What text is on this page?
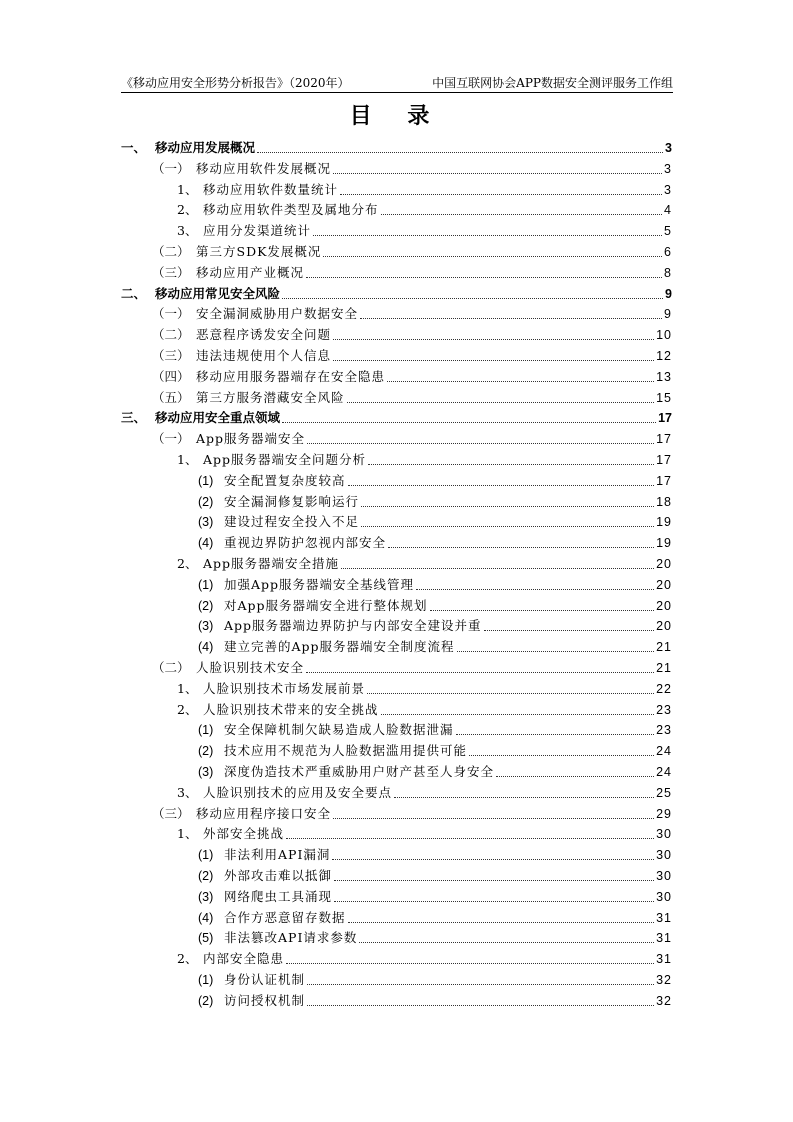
《移动应用安全形势分析报告》（2020年）	中国互联网协会APP数据安全测评服务工作组
目 录
一、 移动应用发展概况	3
（一） 移动应用软件发展概况	3
1、 移动应用软件数量统计	3
2、 移动应用软件类型及属地分布	4
3、 应用分发渠道统计	5
（二） 第三方SDK发展概况	6
（三） 移动应用产业概况	8
二、 移动应用常见安全风险	9
（一） 安全漏洞威胁用户数据安全	9
（二） 恶意程序诱发安全问题	10
（三） 违法违规使用个人信息	12
（四） 移动应用服务器端存在安全隐患	13
（五） 第三方服务潜藏安全风险	15
三、 移动应用安全重点领域	17
（一） App服务器端安全	17
1、 App服务器端安全问题分析	17
(1) 安全配置复杂度较高	17
(2) 安全漏洞修复影响运行	18
(3) 建设过程安全投入不足	19
(4) 重视边界防护忽视内部安全	19
2、 App服务器端安全措施	20
(1) 加强App服务器端安全基线管理	20
(2) 对App服务器端安全进行整体规划	20
(3) App服务器端边界防护与内部安全建设并重	20
(4) 建立完善的App服务器端安全制度流程	21
（二） 人脸识别技术安全	21
1、 人脸识别技术市场发展前景	22
2、 人脸识别技术带来的安全挑战	23
(1) 安全保障机制欠缺易造成人脸数据泄漏	23
(2) 技术应用不规范为人脸数据滥用提供可能	24
(3) 深度伪造技术严重威胁用户财产甚至人身安全	24
3、 人脸识别技术的应用及安全要点	25
（三） 移动应用程序接口安全	29
1、 外部安全挑战	30
(1) 非法利用API漏洞	30
(2) 外部攻击难以抵御	30
(3) 网络爬虫工具涌现	30
(4) 合作方恶意留存数据	31
(5) 非法篡改API请求参数	31
2、 内部安全隐患	31
(1) 身份认证机制	32
(2) 访问授权机制	32
